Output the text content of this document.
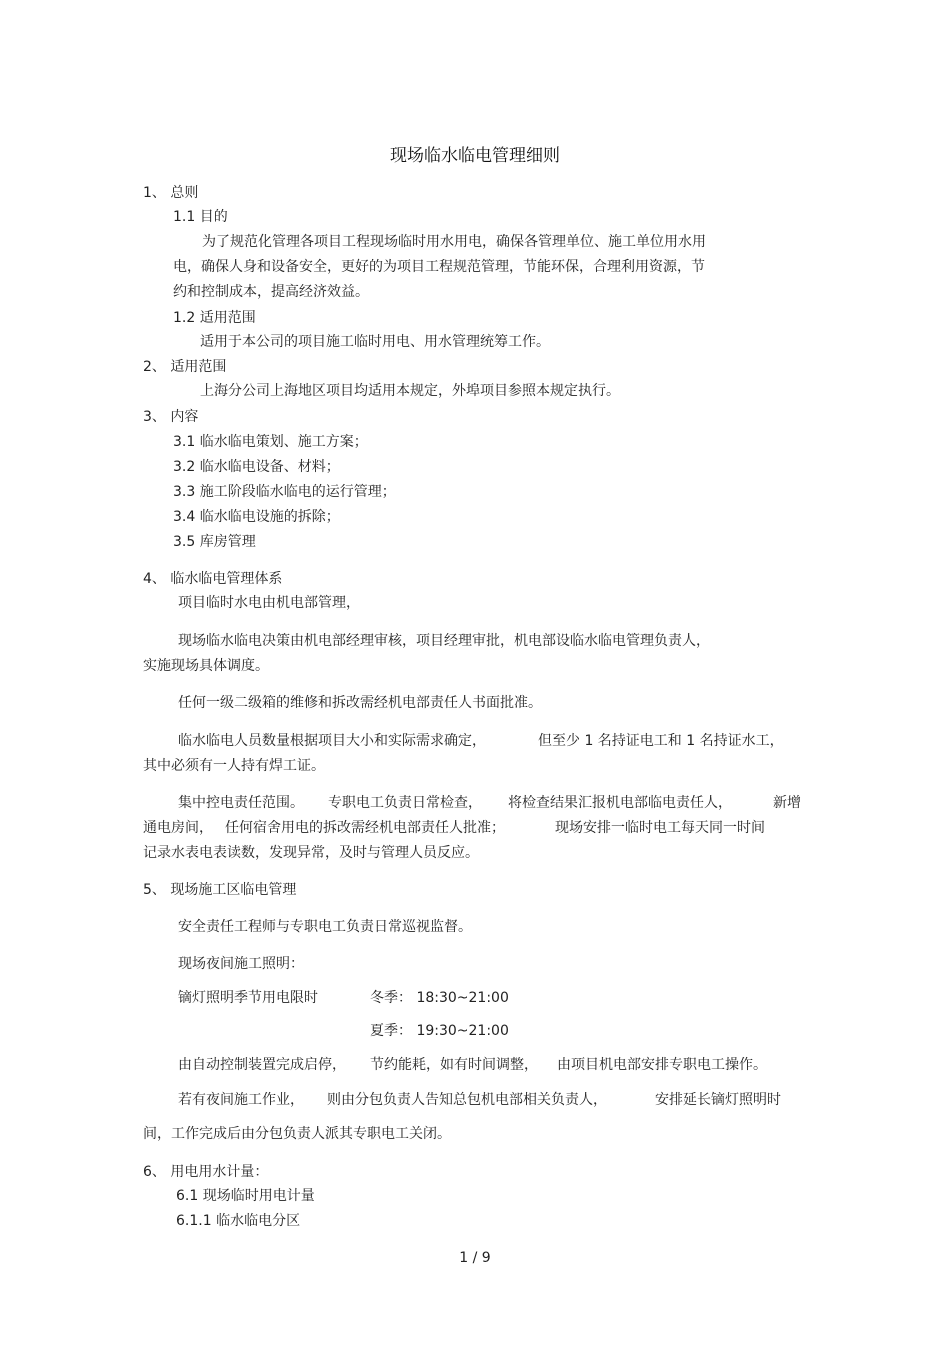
现场临水临电管理细则
1、 总则
1.1 目的
为了规范化管理各项目工程现场临时用水用电，确保各管理单位、施工单位用水用
电，确保人身和设备安全，更好的为项目工程规范管理，节能环保，合理利用资源，节
约和控制成本，提高经济效益。
1.2 适用范围
适用于本公司的项目施工临时用电、用水管理统筹工作。
2、 适用范围
上海分公司上海地区项目均适用本规定，外埠项目参照本规定执行。
3、 内容
3.1 临水临电策划、施工方案；
3.2 临水临电设备、材料；
3.3 施工阶段临水临电的运行管理；
3.4 临水临电设施的拆除；
3.5 库房管理
4、 临水临电管理体系
项目临时水电由机电部管理，
现场临水临电决策由机电部经理审核，项目经理审批，机电部设临水临电管理负责人，
实施现场具体调度。
任何一级二级箱的维修和拆改需经机电部责任人书面批准。
临水临电人员数量根据项目大小和实际需求确定，	但至少 1 名持证电工和 1 名持证水工，
其中必须有一人持有焊工证。
集中控电责任范围。 专职电工负责日常检查， 将检查结果汇报机电部临电责任人，	新增
通电房间， 任何宿舍用电的拆改需经机电部责任人批准；	现场安排一临时电工每天同一时间
记录水表电表读数，发现异常，及时与管理人员反应。
5、 现场施工区临电管理
安全责任工程师与专职电工负责日常巡视监督。
现场夜间施工照明：
镝灯照明季节用电限时	冬季： 18:30~21:00
夏季： 19:30~21:00
由自动控制装置完成启停， 节约能耗，如有时间调整， 由项目机电部安排专职电工操作。
若有夜间施工作业， 则由分包负责人告知总包机电部相关负责人，	安排延长镝灯照明时
间，工作完成后由分包负责人派其专职电工关闭。
6、 用电用水计量：
6.1 现场临时用电计量
6.1.1 临水临电分区
1 / 9
